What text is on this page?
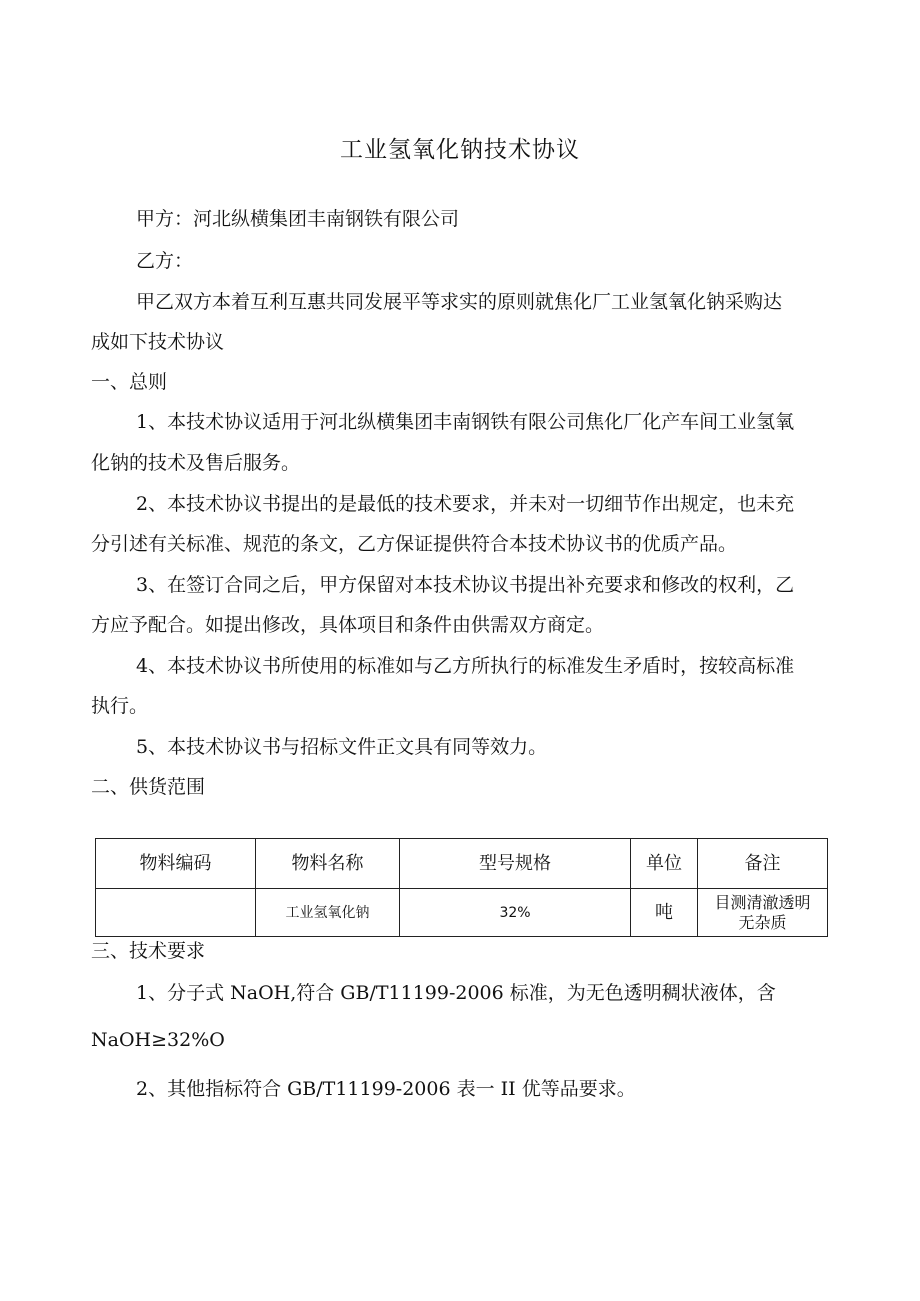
工业氢氧化钠技术协议
甲方：河北纵横集团丰南钢铁有限公司
乙方：
甲乙双方本着互利互惠共同发展平等求实的原则就焦化厂工业氢氧化钠采购达
成如下技术协议
一、总则
1、本技术协议适用于河北纵横集团丰南钢铁有限公司焦化厂化产车间工业氢氧
化钠的技术及售后服务。
2、本技术协议书提出的是最低的技术要求，并未对一切细节作出规定，也未充
分引述有关标准、规范的条文，乙方保证提供符合本技术协议书的优质产品。
3、在签订合同之后，甲方保留对本技术协议书提出补充要求和修改的权利，乙
方应予配合。如提出修改，具体项目和条件由供需双方商定。
4、本技术协议书所使用的标准如与乙方所执行的标准发生矛盾时，按较高标准
执行。
5、本技术协议书与招标文件正文具有同等效力。
二、供货范围
物料编码	物料名称	型号规格	单位	备注
	工业氢氧化钠	32%	吨	目测清澈透明
无杂质
三、技术要求
1、分子式 NaOH,符合 GB/T11199-2006 标准，为无色透明稠状液体，含
NaOH≥32%O
2、其他指标符合 GB/T11199-2006 表一 II 优等品要求。
